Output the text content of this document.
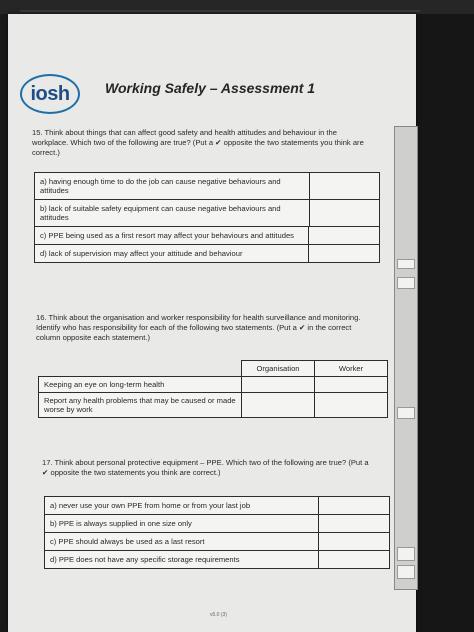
iosh	Working Safely – Assessment 1
15. Think about things that can affect good safety and health attitudes and behaviour in the workplace. Which two of the following are true? (Put a ✔ opposite the two statements you think are correct.)
a) having enough time to do the job can cause negative behaviours and attitudes
b) lack of suitable safety equipment can cause negative behaviours and attitudes
c) PPE being used as a first resort may affect your behaviours and attitudes
d) lack of supervision may affect your attitude and behaviour
16. Think about the organisation and worker responsibility for health surveillance and monitoring. Identify who has responsibility for each of the following two statements. (Put a ✔ in the correct column opposite each statement.)
	Organisation	Worker
Keeping an eye on long-term health		
Report any health problems that may be caused or made worse by work		
17. Think about personal protective equipment – PPE. Which two of the following are true? (Put a ✔ opposite the two statements you think are correct.)
a) never use your own PPE from home or from your last job
b) PPE is always supplied in one size only
c) PPE should always be used as a last resort
d) PPE does not have any specific storage requirements
v5.0 (3)
